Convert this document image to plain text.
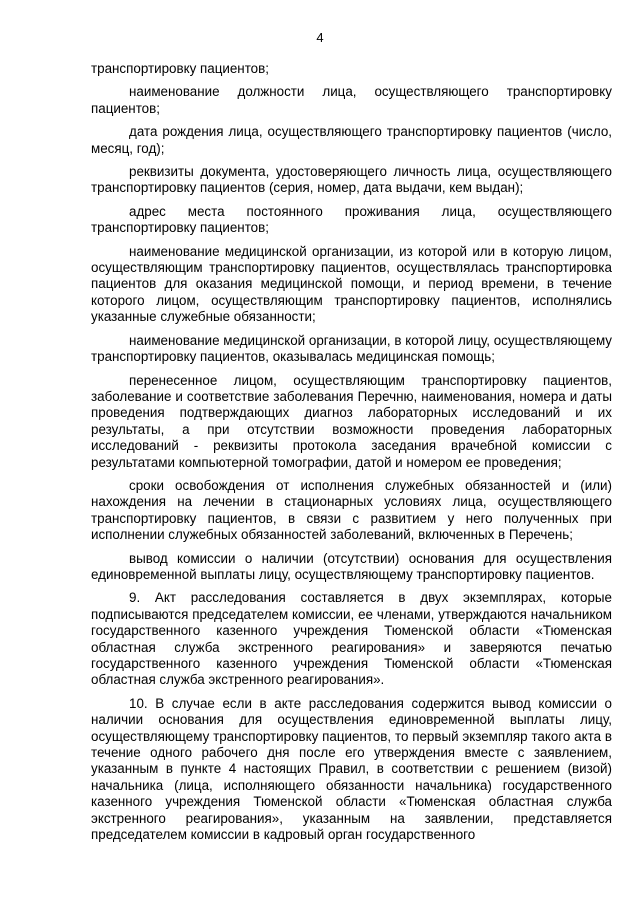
4

транспортировку пациентов;

наименование должности лица, осуществляющего транспортировку пациентов;

дата рождения лица, осуществляющего транспортировку пациентов (число, месяц, год);

реквизиты документа, удостоверяющего личность лица, осуществляющего транспортировку пациентов (серия, номер, дата выдачи, кем выдан);

адрес места постоянного проживания лица, осуществляющего транспортировку пациентов;

наименование медицинской организации, из которой или в которую лицом, осуществляющим транспортировку пациентов, осуществлялась транспортировка пациентов для оказания медицинской помощи, и период времени, в течение которого лицом, осуществляющим транспортировку пациентов, исполнялись указанные служебные обязанности;

наименование медицинской организации, в которой лицу, осуществляющему транспортировку пациентов, оказывалась медицинская помощь;

перенесенное лицом, осуществляющим транспортировку пациентов, заболевание и соответствие заболевания Перечню, наименования, номера и даты проведения подтверждающих диагноз лабораторных исследований и их результаты, а при отсутствии возможности проведения лабораторных исследований - реквизиты протокола заседания врачебной комиссии с результатами компьютерной томографии, датой и номером ее проведения;

сроки освобождения от исполнения служебных обязанностей и (или) нахождения на лечении в стационарных условиях лица, осуществляющего транспортировку пациентов, в связи с развитием у него полученных при исполнении служебных обязанностей заболеваний, включенных в Перечень;

вывод комиссии о наличии (отсутствии) основания для осуществления единовременной выплаты лицу, осуществляющему транспортировку пациентов.

9. Акт расследования составляется в двух экземплярах, которые подписываются председателем комиссии, ее членами, утверждаются начальником государственного казенного учреждения Тюменской области «Тюменская областная служба экстренного реагирования» и заверяются печатью государственного казенного учреждения Тюменской области «Тюменская областная служба экстренного реагирования».

10. В случае если в акте расследования содержится вывод комиссии о наличии основания для осуществления единовременной выплаты лицу, осуществляющему транспортировку пациентов, то первый экземпляр такого акта в течение одного рабочего дня после его утверждения вместе с заявлением, указанным в пункте 4 настоящих Правил, в соответствии с решением (визой) начальника (лица, исполняющего обязанности начальника) государственного казенного учреждения Тюменской области «Тюменская областная служба экстренного реагирования», указанным на заявлении, представляется председателем комиссии в кадровый орган государственного
